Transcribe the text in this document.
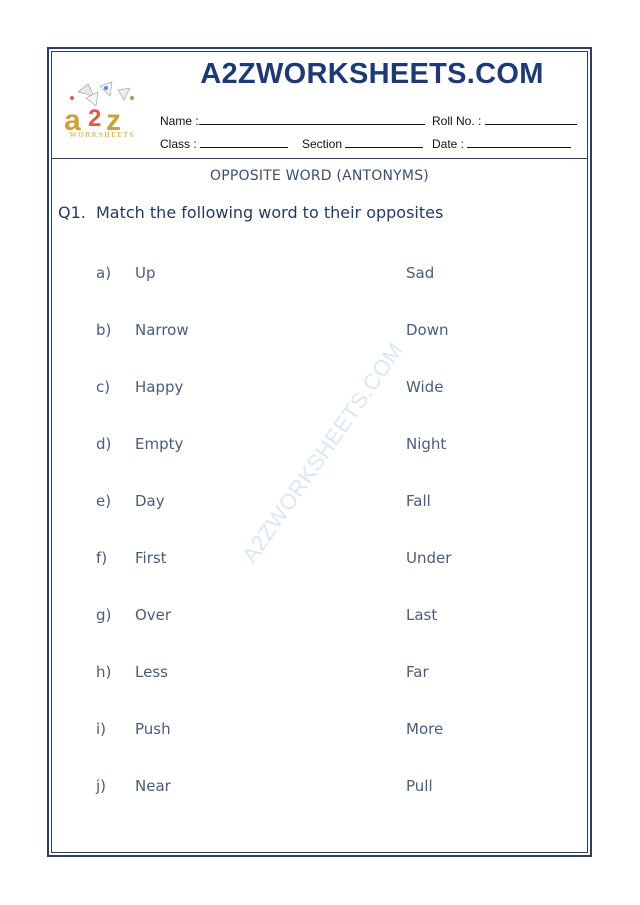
A2ZWORKSHEETS.COM
a 2 z
WORKSHEETS
Name :	Roll No. :
Class :	Section	Date :
OPPOSITE WORD (ANTONYMS)
Q1. Match the following word to their opposites
A2ZWORKSHEETS.COM
a) Up	Sad
b) Narrow	Down
c) Happy	Wide
d) Empty	Night
e) Day	Fall
f) First	Under
g) Over	Last
h) Less	Far
i) Push	More
j) Near	Pull
